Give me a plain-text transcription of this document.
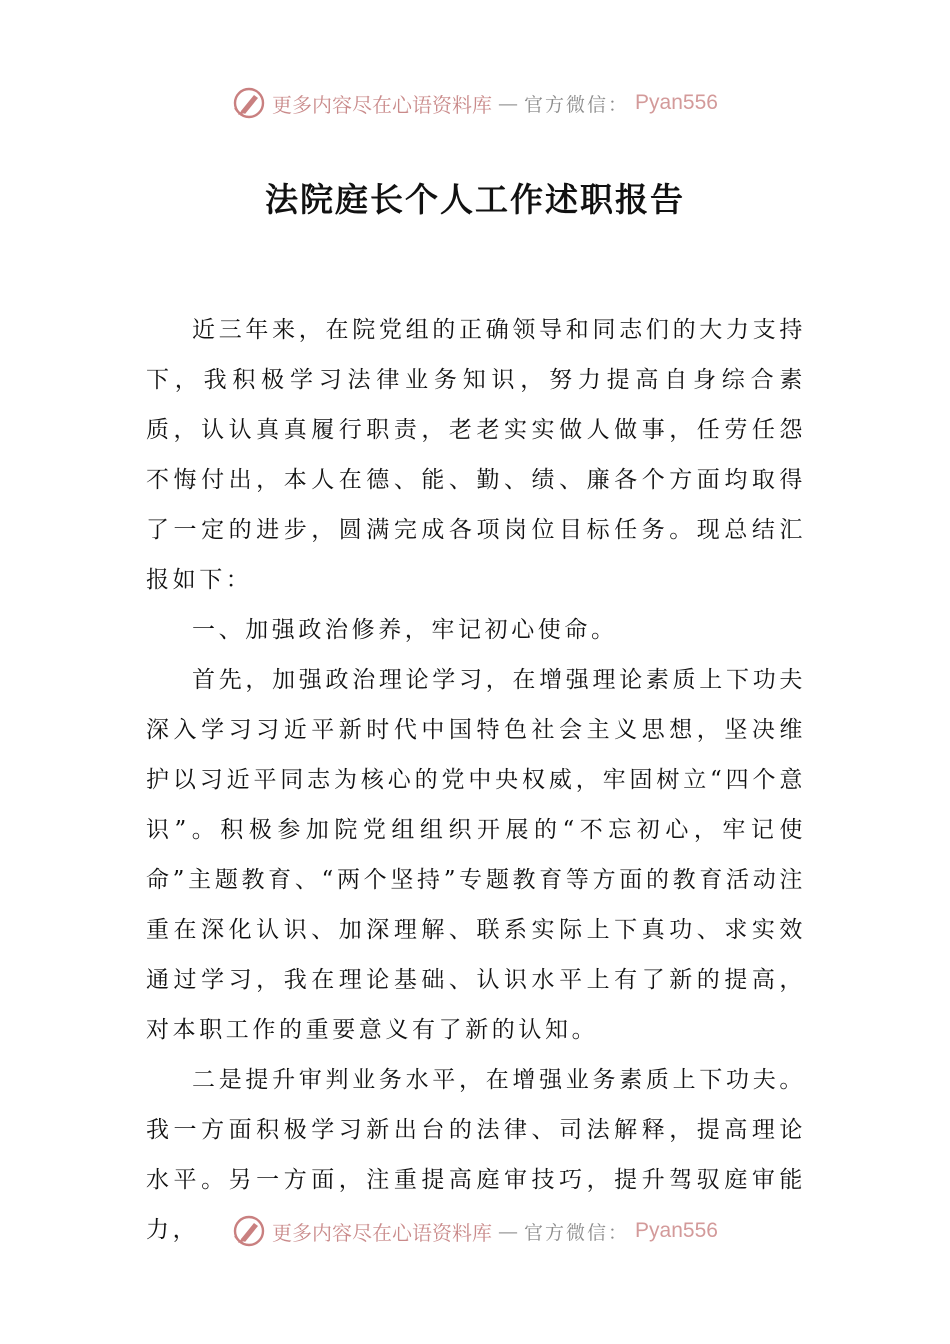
更多内容尽在心语资料库 — 官方微信： Pyan556
法院庭长个人工作述职报告

近三年来，在院党组的正确领导和同志们的大力支持下，我积极学习法律业务知识，努力提高自身综合素质，认认真真履行职责，老老实实做人做事，任劳任怨不悔付出，本人在德、能、勤、绩、廉各个方面均取得了一定的进步，圆满完成各项岗位目标任务。现总结汇报如下：

一、加强政治修养，牢记初心使命。

首先，加强政治理论学习，在增强理论素质上下功夫深入学习习近平新时代中国特色社会主义思想，坚决维护以习近平同志为核心的党中央权威，牢固树立“四个意识”。积极参加院党组组织开展的“不忘初心，牢记使命”主题教育、“两个坚持”专题教育等方面的教育活动注重在深化认识、加深理解、联系实际上下真功、求实效通过学习，我在理论基础、认识水平上有了新的提高，对本职工作的重要意义有了新的认知。

二是提升审判业务水平，在增强业务素质上下功夫。我一方面积极学习新出台的法律、司法解释，提高理论水平。另一方面，注重提高庭审技巧，提升驾驭庭审能力，	更多内容尽在心语资料库 — 官方微信： Pyan556
